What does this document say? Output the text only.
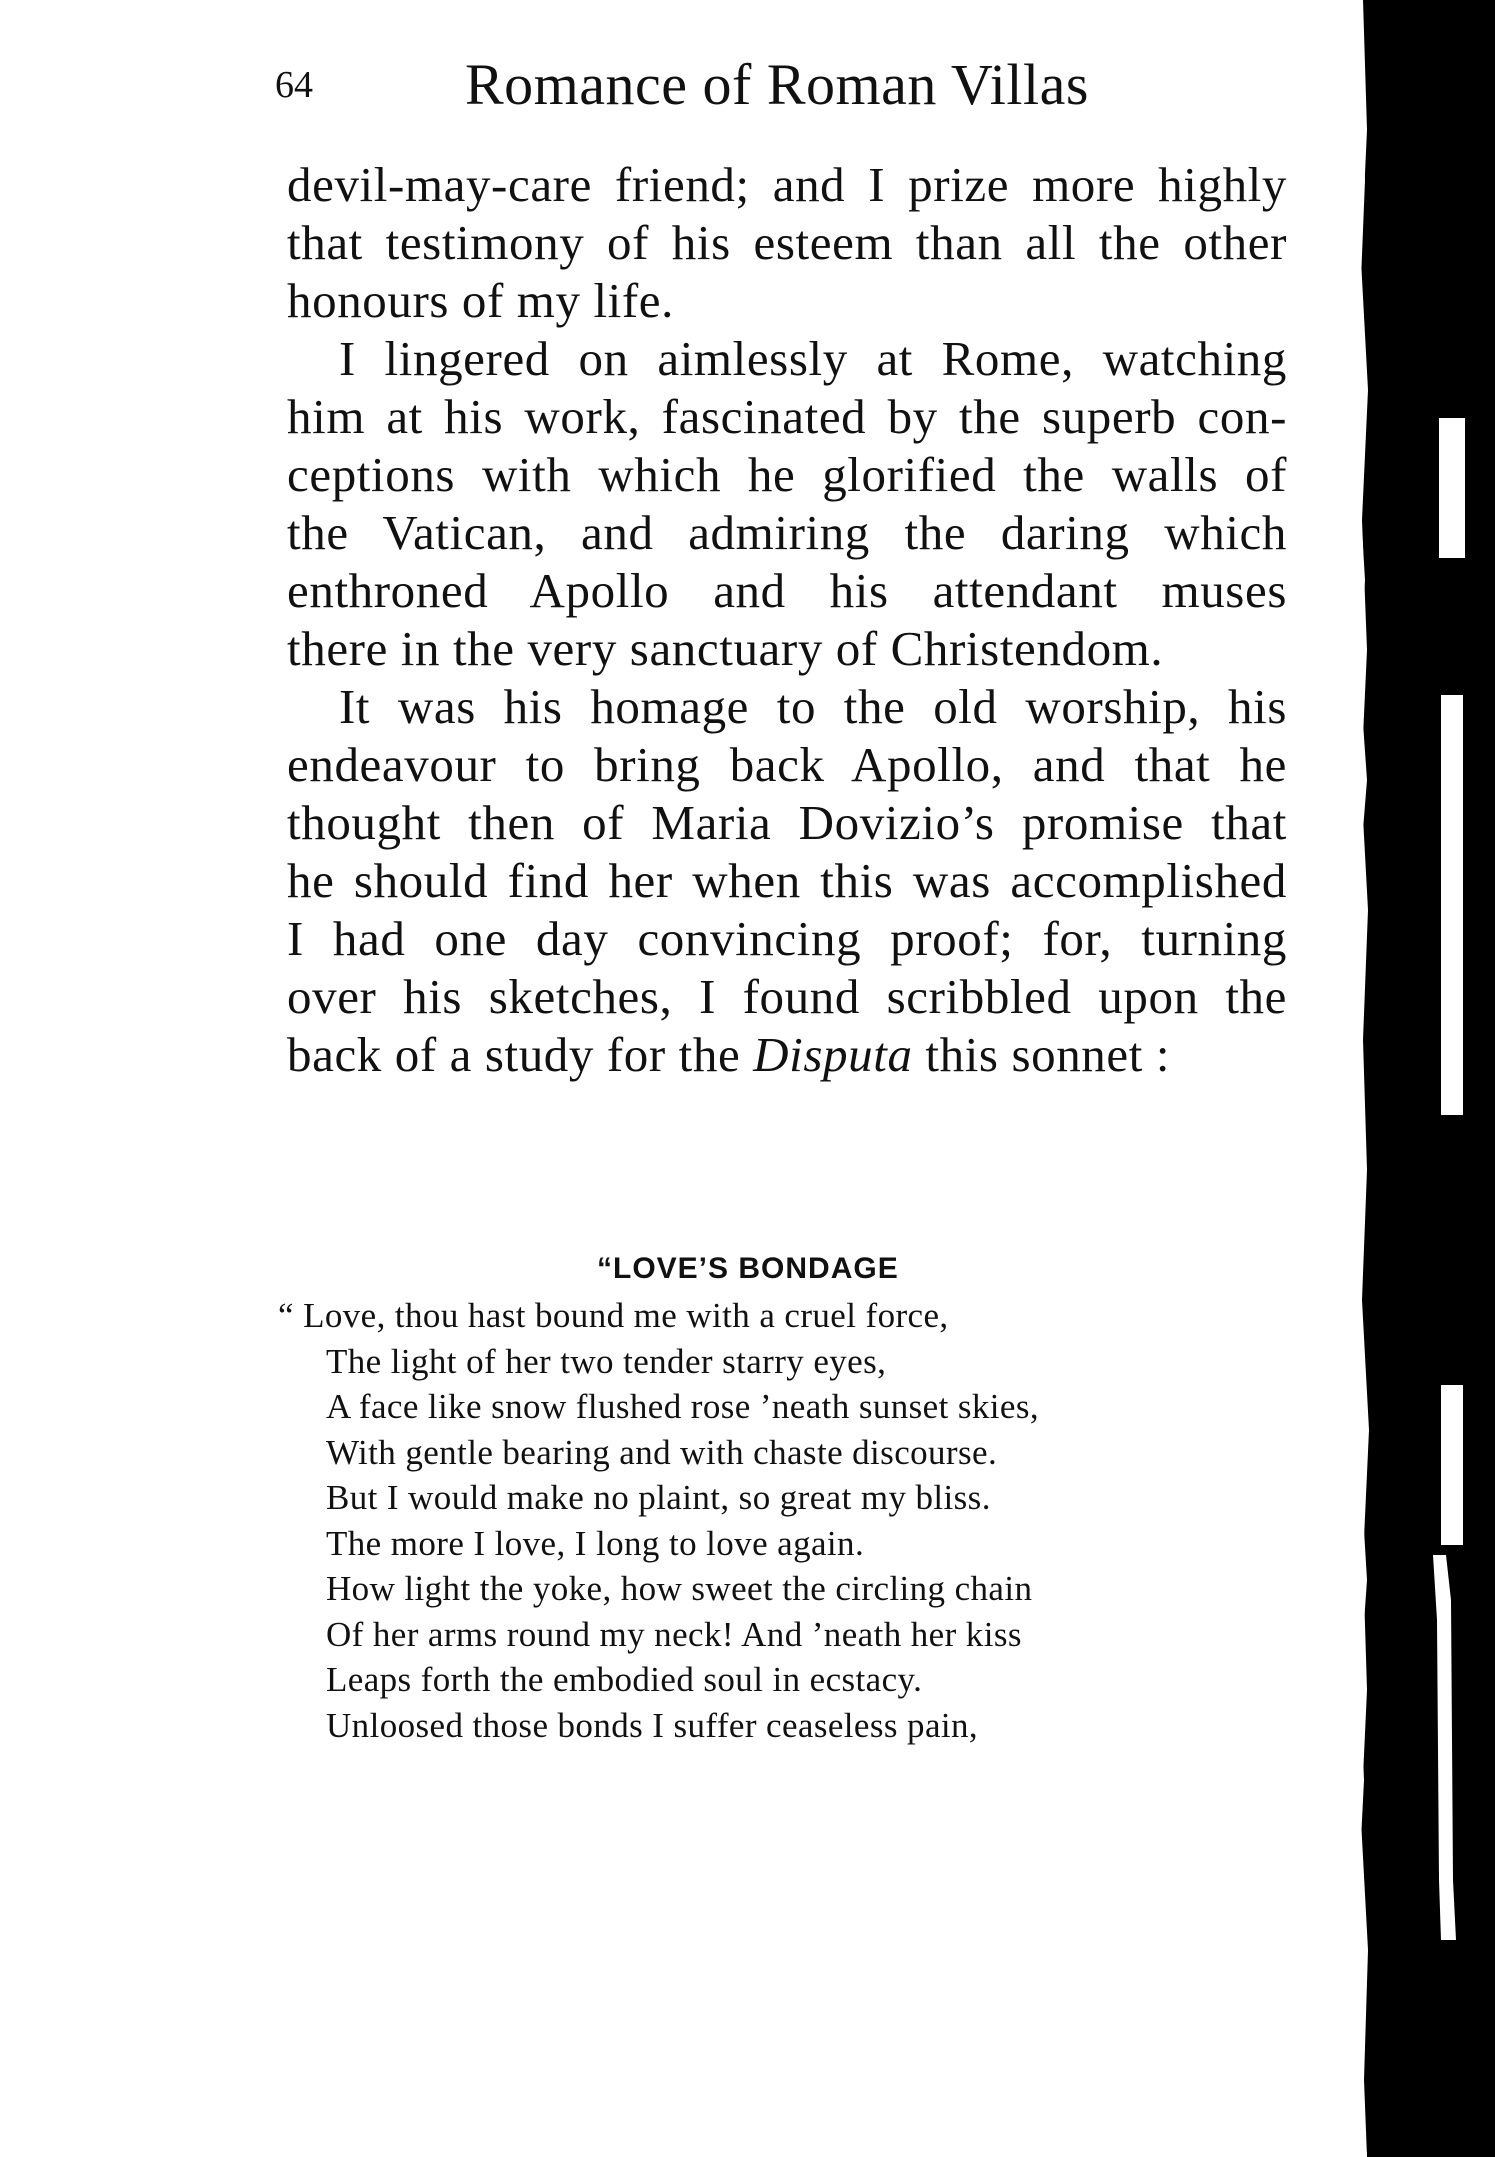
64	Romance of Roman Villas
devil-may-care friend; and I prize more highly
that testimony of his esteem than all the other
honours of my life.
I lingered on aimlessly at Rome, watching
him at his work, fascinated by the superb con-
ceptions with which he glorified the walls of
the Vatican, and admiring the daring which
enthroned Apollo and his attendant muses
there in the very sanctuary of Christendom.
It was his homage to the old worship, his
endeavour to bring back Apollo, and that he
thought then of Maria Dovizio’s promise that
he should find her when this was accomplished
I had one day convincing proof; for, turning
over his sketches, I found scribbled upon the
back of a study for the Disputa this sonnet :
“LOVE’S BONDAGE
“ Love, thou hast bound me with a cruel force,
The light of her two tender starry eyes,
A face like snow flushed rose ’neath sunset skies,
With gentle bearing and with chaste discourse.
But I would make no plaint, so great my bliss.
The more I love, I long to love again.
How light the yoke, how sweet the circling chain
Of her arms round my neck! And ’neath her kiss
Leaps forth the embodied soul in ecstacy.
Unloosed those bonds I suffer ceaseless pain,
